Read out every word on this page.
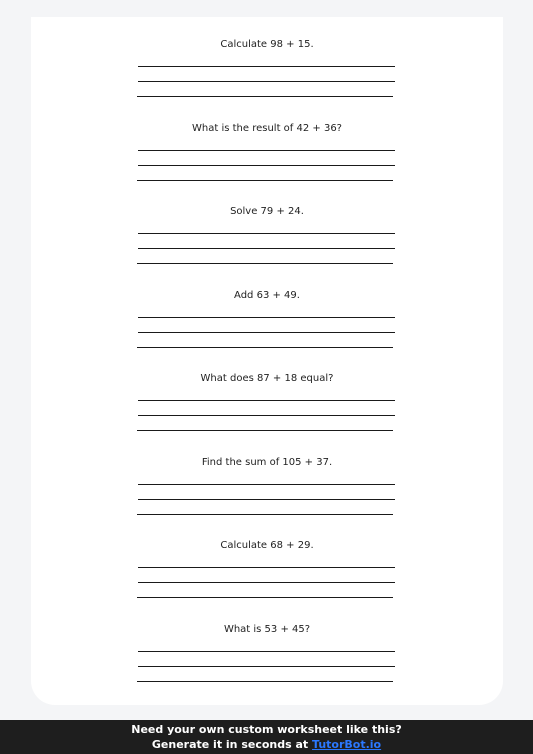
Calculate 98 + 15.
What is the result of 42 + 36?
Solve 79 + 24.
Add 63 + 49.
What does 87 + 18 equal?
Find the sum of 105 + 37.
Calculate 68 + 29.
What is 53 + 45?
Need your own custom worksheet like this?
Generate it in seconds at TutorBot.io
